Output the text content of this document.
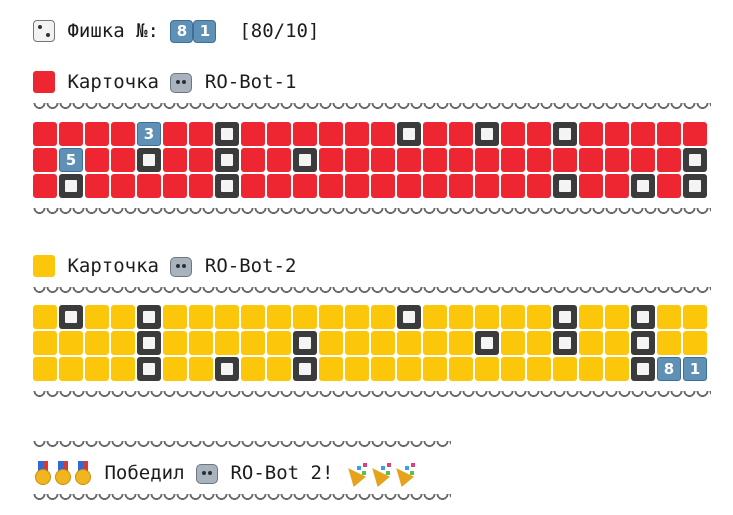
Фишка №:
	8 1
	[80/10]

Карточка

RO-Bot-1
3
5

Карточка

RO-Bot-2
8	1

Победил

RO-Bot 2!
